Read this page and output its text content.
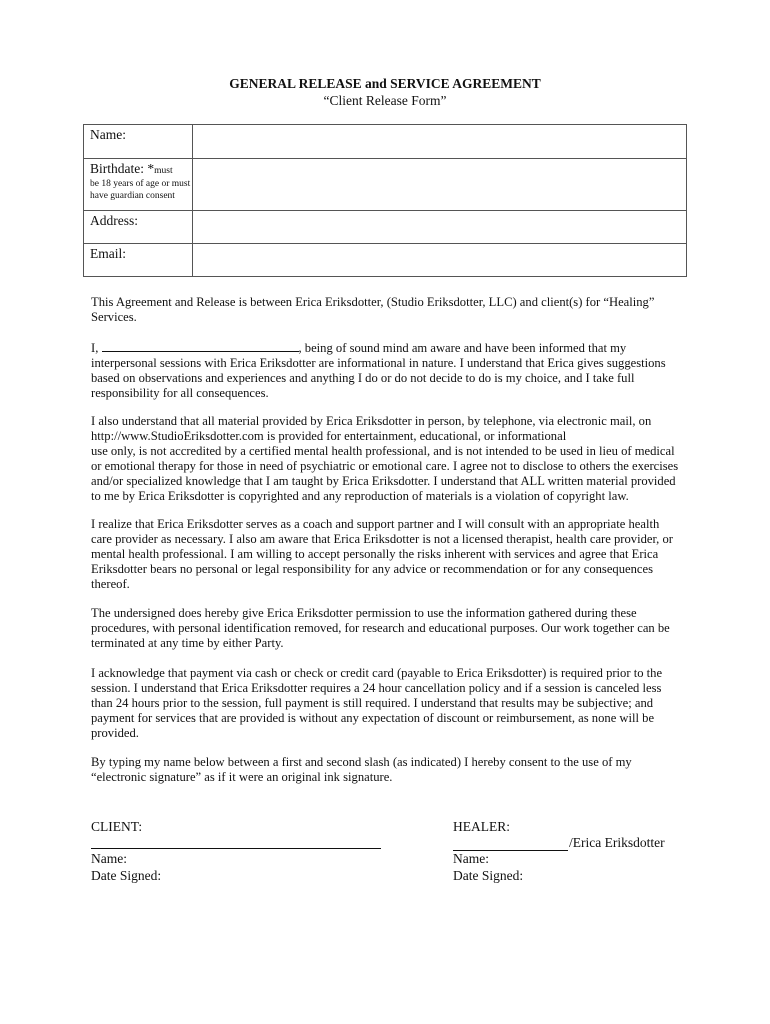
GENERAL RELEASE and SERVICE AGREEMENT
“Client Release Form”
Name:	
Birthdate: *must
be 18 years of age or must have guardian consent	

Address:	
Email:	

This Agreement and Release is between Erica Eriksdotter, (Studio Eriksdotter, LLC) and client(s) for “Healing” Services.

I,	, being of sound mind am aware and have been informed that my interpersonal sessions with Erica Eriksdotter are informational in nature. I understand that Erica gives suggestions based on observations and experiences and anything I do or do not decide to do is my choice, and I take full responsibility for all consequences.

I also understand that all material provided by Erica Eriksdotter in person, by telephone, via electronic mail, on http://www.StudioEriksdotter.com is provided for entertainment, educational, or informational

use only, is not accredited by a certified mental health professional, and is not intended to be used in lieu of medical or emotional therapy for those in need of psychiatric or emotional care. I agree not to disclose to others the exercises and/or specialized knowledge that I am taught by Erica Eriksdotter. I understand that ALL written material provided to me by Erica Eriksdotter is copyrighted and any reproduction of materials is a violation of copyright law.

I realize that Erica Eriksdotter serves as a coach and support partner and I will consult with an appropriate health care provider as necessary. I also am aware that Erica Eriksdotter is not a licensed therapist, health care provider, or mental health professional. I am willing to accept personally the risks inherent with services and agree that Erica Eriksdotter bears no personal or legal responsibility for any advice or recommendation or for any consequences thereof.

The undersigned does hereby give Erica Eriksdotter permission to use the information gathered during these procedures, with personal identification removed, for research and educational purposes. Our work together can be terminated at any time by either Party.

I acknowledge that payment via cash or check or credit card (payable to Erica Eriksdotter) is required prior to the session. I understand that Erica Eriksdotter requires a 24 hour cancellation policy and if a session is canceled less than 24 hours prior to the session, full payment is still required. I understand that results may be subjective; and payment for services that are provided is without any expectation of discount or reimbursement, as none will be provided.

By typing my name below between a first and second slash (as indicated) I hereby consent to the use of my “electronic signature” as if it were an original ink signature.

CLIENT:
Name:
Date Signed:
HEALER:
/Erica Eriksdotter
Name:
Date Signed:
